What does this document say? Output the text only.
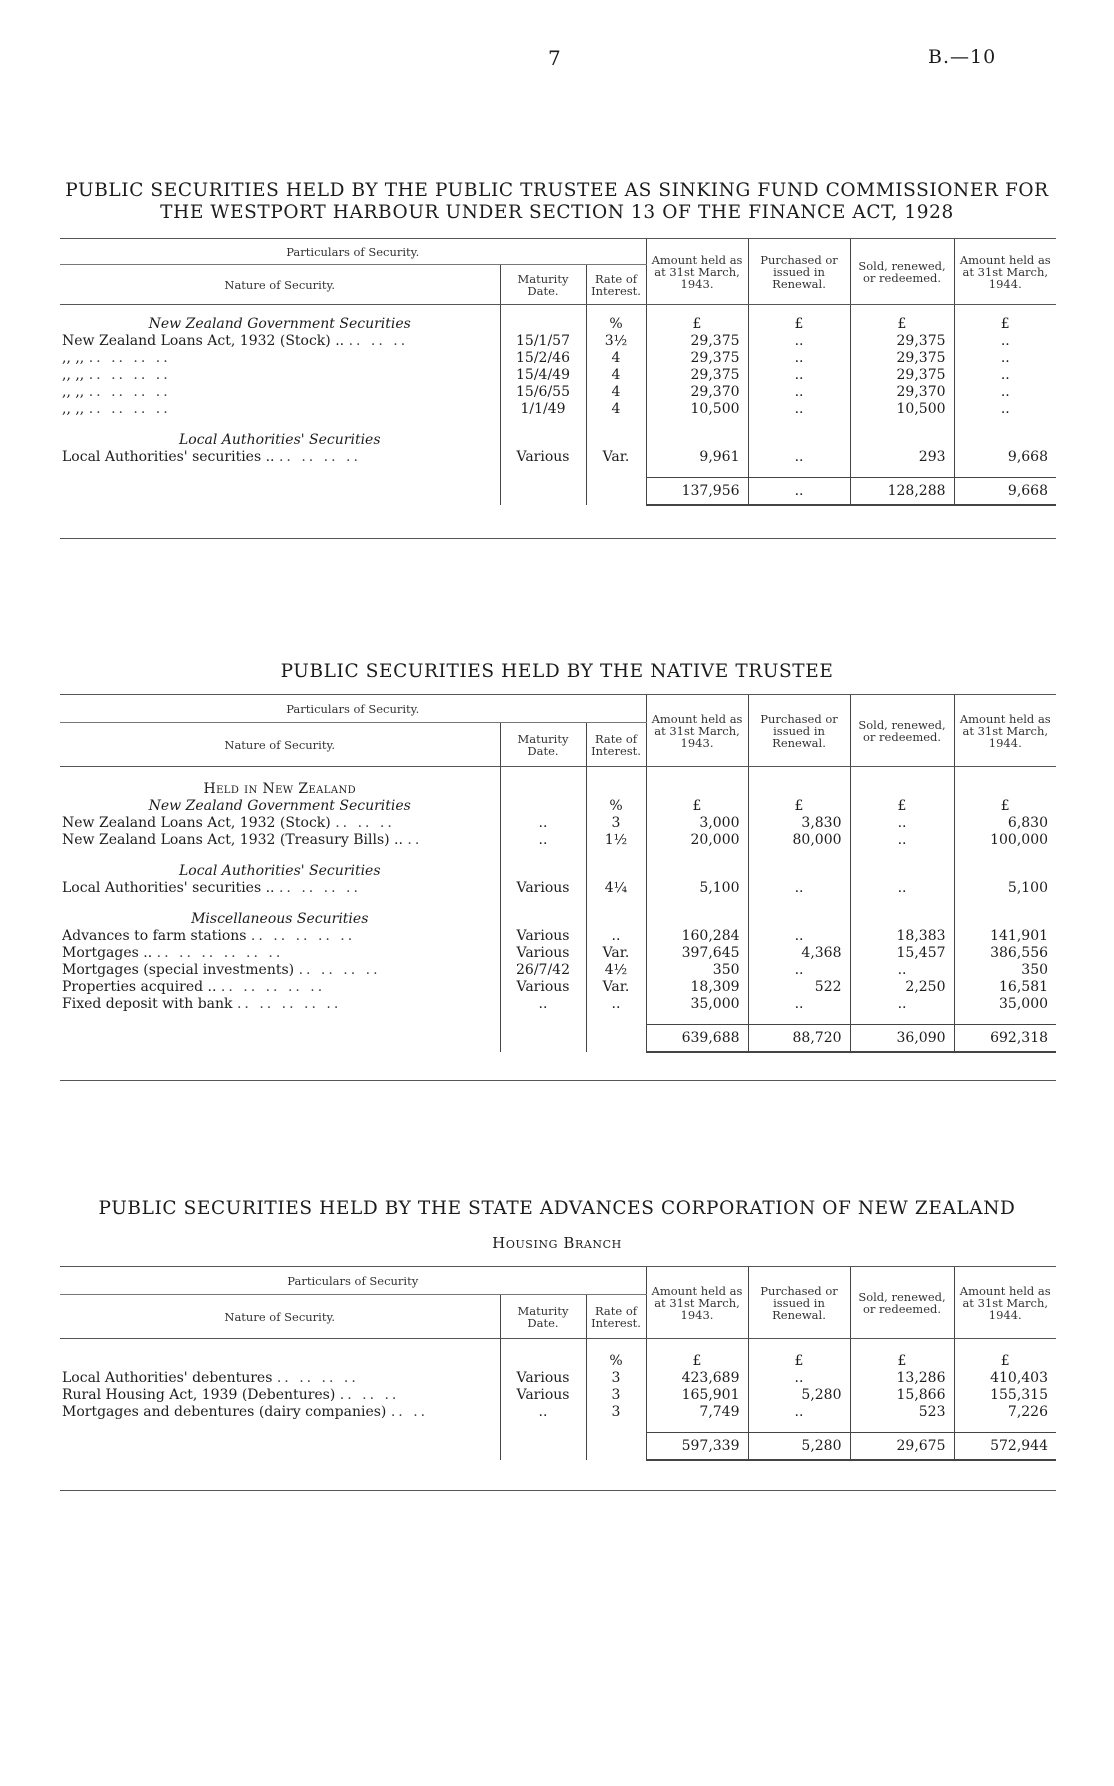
7	B.—10
PUBLIC SECURITIES HELD BY THE PUBLIC TRUSTEE AS SINKING FUND COMMISSIONER FOR
THE WESTPORT HARBOUR UNDER SECTION 13 OF THE FINANCE ACT, 1928
Particulars of Security.			Amount held as at 31st March, 1943.	Purchased or issued in Renewal.	Sold, renewed, or redeemed.	Amount held as at 31st March, 1944.
Nature of Security.	Maturity Date.	Rate of Interest.				

New Zealand Government Securities		%	£	£	£	£
New Zealand Loans Act, 1932 (Stock) .. .. .. ..	15/1/57	3½	29,375	..	29,375	..
,, ,, .. .. .. ..	15/2/46	4	29,375	..	29,375	..
,, ,, .. .. .. ..	15/4/49	4	29,375	..	29,375	..
,, ,, .. .. .. ..	15/6/55	4	29,370	..	29,370	..
,, ,, .. .. .. ..	1/1/49	4	10,500	..	10,500	..

Local Authorities' Securities						
Local Authorities' securities .. .. .. .. ..	Various	Var.	9,961	..	293	9,668

			137,956	..	128,288	9,668
PUBLIC SECURITIES HELD BY THE NATIVE TRUSTEE
Particulars of Security.			Amount held as at 31st March, 1943.	Purchased or issued in Renewal.	Sold, renewed, or redeemed.	Amount held as at 31st March, 1944.
Nature of Security.	Maturity Date.	Rate of Interest.				

Held in New Zealand						
New Zealand Government Securities		%	£	£	£	£
New Zealand Loans Act, 1932 (Stock) .. .. ..	..	3	3,000	3,830	..	6,830
New Zealand Loans Act, 1932 (Treasury Bills) .. ..	..	1½	20,000	80,000	..	100,000

Local Authorities' Securities						
Local Authorities' securities .. .. .. .. ..	Various	4¼	5,100	..	..	5,100

Miscellaneous Securities						
Advances to farm stations .. .. .. .. ..	Various	..	160,284	..	18,383	141,901
Mortgages .. .. .. .. .. .. ..	Various	Var.	397,645	4,368	15,457	386,556
Mortgages (special investments) .. .. .. ..	26/7/42	4½	350	..	..	350
Properties acquired .. .. .. .. .. ..	Various	Var.	18,309	522	2,250	16,581
Fixed deposit with bank .. .. .. .. ..	..	..	35,000	..	..	35,000

			639,688	88,720	36,090	692,318
PUBLIC SECURITIES HELD BY THE STATE ADVANCES CORPORATION OF NEW ZEALAND
Housing Branch
Particulars of Security			Amount held as at 31st March, 1943.	Purchased or issued in Renewal.	Sold, renewed, or redeemed.	Amount held as at 31st March, 1944.
Nature of Security.	Maturity Date.	Rate of Interest.				

		%	£	£	£	£
Local Authorities' debentures .. .. .. ..	Various	3	423,689	..	13,286	410,403
Rural Housing Act, 1939 (Debentures) .. .. ..	Various	3	165,901	5,280	15,866	155,315
Mortgages and debentures (dairy companies) .. ..	..	3	7,749	..	523	7,226

			597,339	5,280	29,675	572,944
